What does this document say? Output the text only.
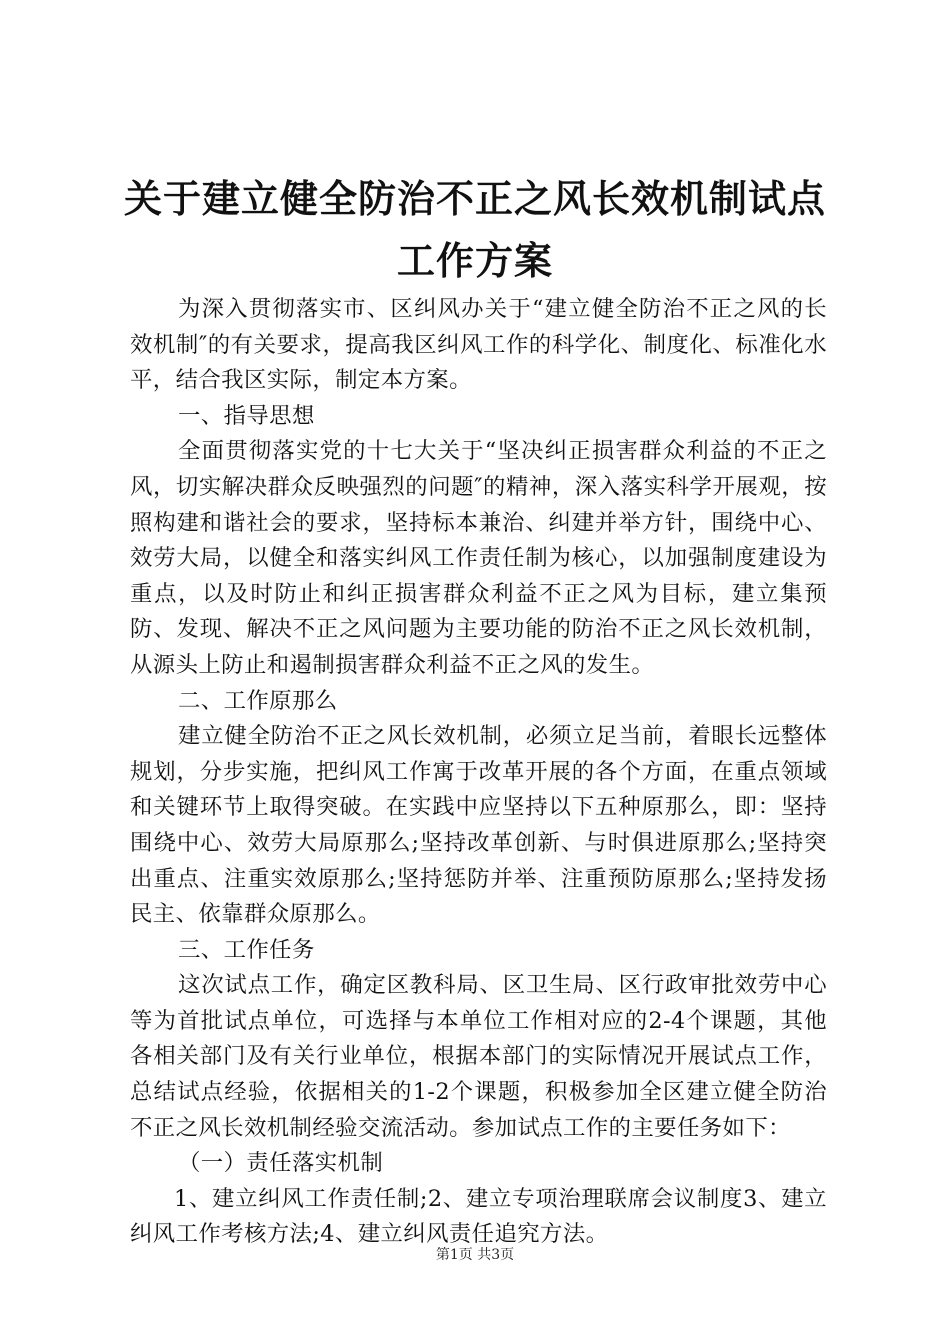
关于建立健全防治不正之风长效机制试点工作方案

为深入贯彻落实市、区纠风办关于“建立健全防治不正之风的长效机制″的有关要求，提高我区纠风工作的科学化、制度化、标准化水平，结合我区实际，制定本方案。

一、指导思想

全面贯彻落实党的十七大关于“坚决纠正损害群众利益的不正之风，切实解决群众反映强烈的问题″的精神，深入落实科学开展观，按照构建和谐社会的要求，坚持标本兼治、纠建并举方针，围绕中心、效劳大局，以健全和落实纠风工作责任制为核心，以加强制度建设为重点，以及时防止和纠正损害群众利益不正之风为目标，建立集预防、发现、解决不正之风问题为主要功能的防治不正之风长效机制，从源头上防止和遏制损害群众利益不正之风的发生。

二、工作原那么

建立健全防治不正之风长效机制，必须立足当前，着眼长远整体规划，分步实施，把纠风工作寓于改革开展的各个方面，在重点领域和关键环节上取得突破。在实践中应坚持以下五种原那么，即：坚持围绕中心、效劳大局原那么;坚持改革创新、与时俱进原那么;坚持突出重点、注重实效原那么;坚持惩防并举、注重预防原那么;坚持发扬民主、依靠群众原那么。

三、工作任务

这次试点工作，确定区教科局、区卫生局、区行政审批效劳中心等为首批试点单位，可选择与本单位工作相对应的2-4个课题，其他各相关部门及有关行业单位，根据本部门的实际情况开展试点工作，总结试点经验，依据相关的1-2个课题，积极参加全区建立健全防治不正之风长效机制经验交流活动。参加试点工作的主要任务如下：

（一）责任落实机制

1、建立纠风工作责任制;2、建立专项治理联席会议制度3、建立纠风工作考核方法;4、建立纠风责任追究方法。

第1页 共3页
